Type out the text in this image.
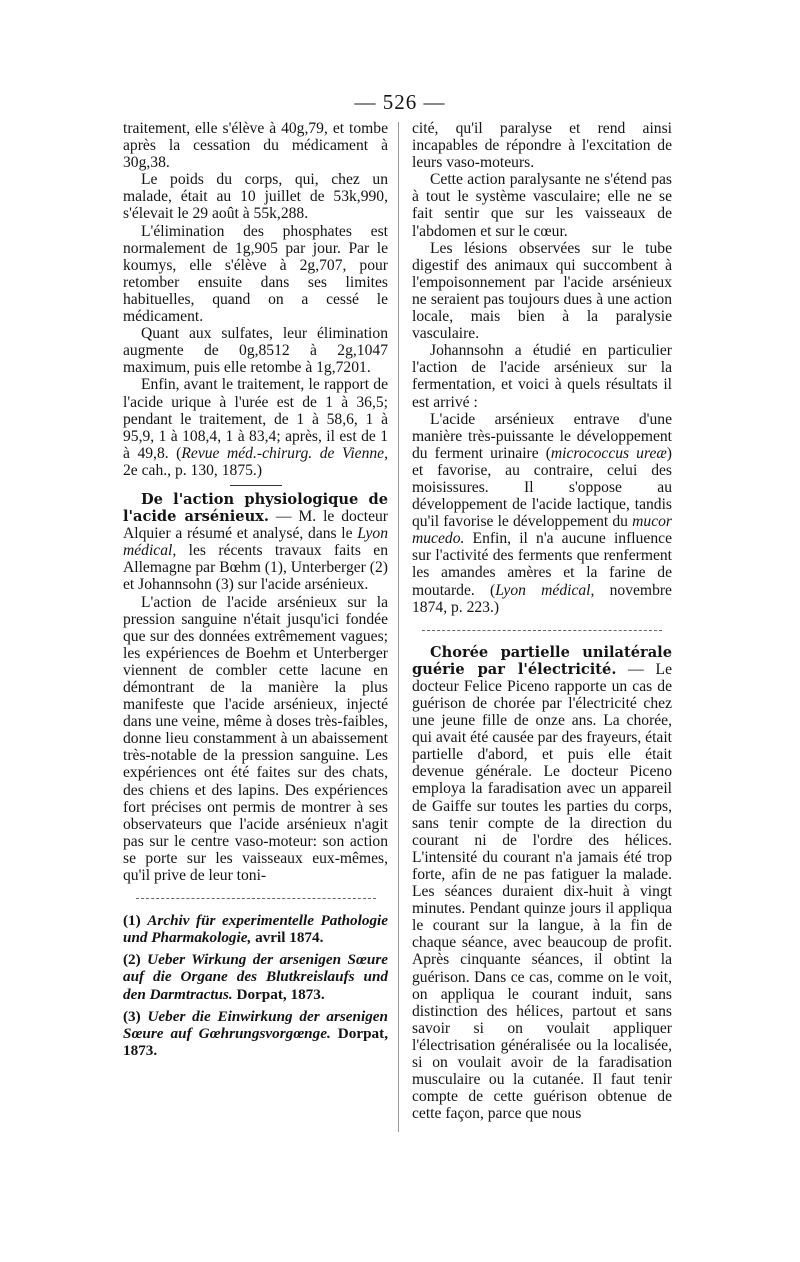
— 526 —

traitement, elle s'élève à 40g,79, et tombe après la cessation du médicament à 30g,38.

Le poids du corps, qui, chez un malade, était au 10 juillet de 53k,990, s'élevait le 29 août à 55k,288.

L'élimination des phosphates est normalement de 1g,905 par jour. Par le koumys, elle s'élève à 2g,707, pour retomber ensuite dans ses limites habituelles, quand on a cessé le médicament.

Quant aux sulfates, leur élimination augmente de 0g,8512 à 2g,1047 maximum, puis elle retombe à 1g,7201.

Enfin, avant le traitement, le rapport de l'acide urique à l'urée est de 1 à 36,5; pendant le traitement, de 1 à 58,6, 1 à 95,9, 1 à 108,4, 1 à 83,4; après, il est de 1 à 49,8. (Revue méd.-chirurg. de Vienne, 2e cah., p. 130, 1875.)

De l'action physiologique de l'acide arsénieux. — M. le docteur Alquier a résumé et analysé, dans le Lyon médical, les récents travaux faits en Allemagne par Bœhm (1), Unterberger (2) et Johannsohn (3) sur l'acide arsénieux.

L'action de l'acide arsénieux sur la pression sanguine n'était jusqu'ici fondée que sur des données extrêmement vagues; les expériences de Boehm et Unterberger viennent de combler cette lacune en démontrant de la manière la plus manifeste que l'acide arsénieux, injecté dans une veine, même à doses très-faibles, donne lieu constamment à un abaissement très-notable de la pression sanguine. Les expériences ont été faites sur des chats, des chiens et des lapins. Des expériences fort précises ont permis de montrer à ses observateurs que l'acide arsénieux n'agit pas sur le centre vaso-moteur: son action se porte sur les vaisseaux eux-mêmes, qu'il prive de leur toni-

(1) Archiv für experimentelle Pathologie und Pharmakologie, avril 1874.

(2) Ueber Wirkung der arsenigen Sœure auf die Organe des Blutkreislaufs und den Darmtractus. Dorpat, 1873.

(3) Ueber die Einwirkung der arsenigen Sœure auf Gœhrungsvorgœnge. Dorpat, 1873.

cité, qu'il paralyse et rend ainsi incapables de répondre à l'excitation de leurs vaso-moteurs.

Cette action paralysante ne s'étend pas à tout le système vasculaire; elle ne se fait sentir que sur les vaisseaux de l'abdomen et sur le cœur.

Les lésions observées sur le tube digestif des animaux qui succombent à l'empoisonnement par l'acide arsénieux ne seraient pas toujours dues à une action locale, mais bien à la paralysie vasculaire.

Johannsohn a étudié en particulier l'action de l'acide arsénieux sur la fermentation, et voici à quels résultats il est arrivé :

L'acide arsénieux entrave d'une manière très-puissante le développement du ferment urinaire (micrococcus ureæ) et favorise, au contraire, celui des moisissures. Il s'oppose au développement de l'acide lactique, tandis qu'il favorise le développement du mucor mucedo. Enfin, il n'a aucune influence sur l'activité des ferments que renferment les amandes amères et la farine de moutarde. (Lyon médical, novembre 1874, p. 223.)

Chorée partielle unilatérale guérie par l'électricité. — Le docteur Felice Piceno rapporte un cas de guérison de chorée par l'électricité chez une jeune fille de onze ans. La chorée, qui avait été causée par des frayeurs, était partielle d'abord, et puis elle était devenue générale. Le docteur Piceno employa la faradisation avec un appareil de Gaiffe sur toutes les parties du corps, sans tenir compte de la direction du courant ni de l'ordre des hélices. L'intensité du courant n'a jamais été trop forte, afin de ne pas fatiguer la malade. Les séances duraient dix-huit à vingt minutes. Pendant quinze jours il appliqua le courant sur la langue, à la fin de chaque séance, avec beaucoup de profit. Après cinquante séances, il obtint la guérison. Dans ce cas, comme on le voit, on appliqua le courant induit, sans distinction des hélices, partout et sans savoir si on voulait appliquer l'électrisation généralisée ou la localisée, si on voulait avoir de la faradisation musculaire ou la cutanée. Il faut tenir compte de cette guérison obtenue de cette façon, parce que nous
